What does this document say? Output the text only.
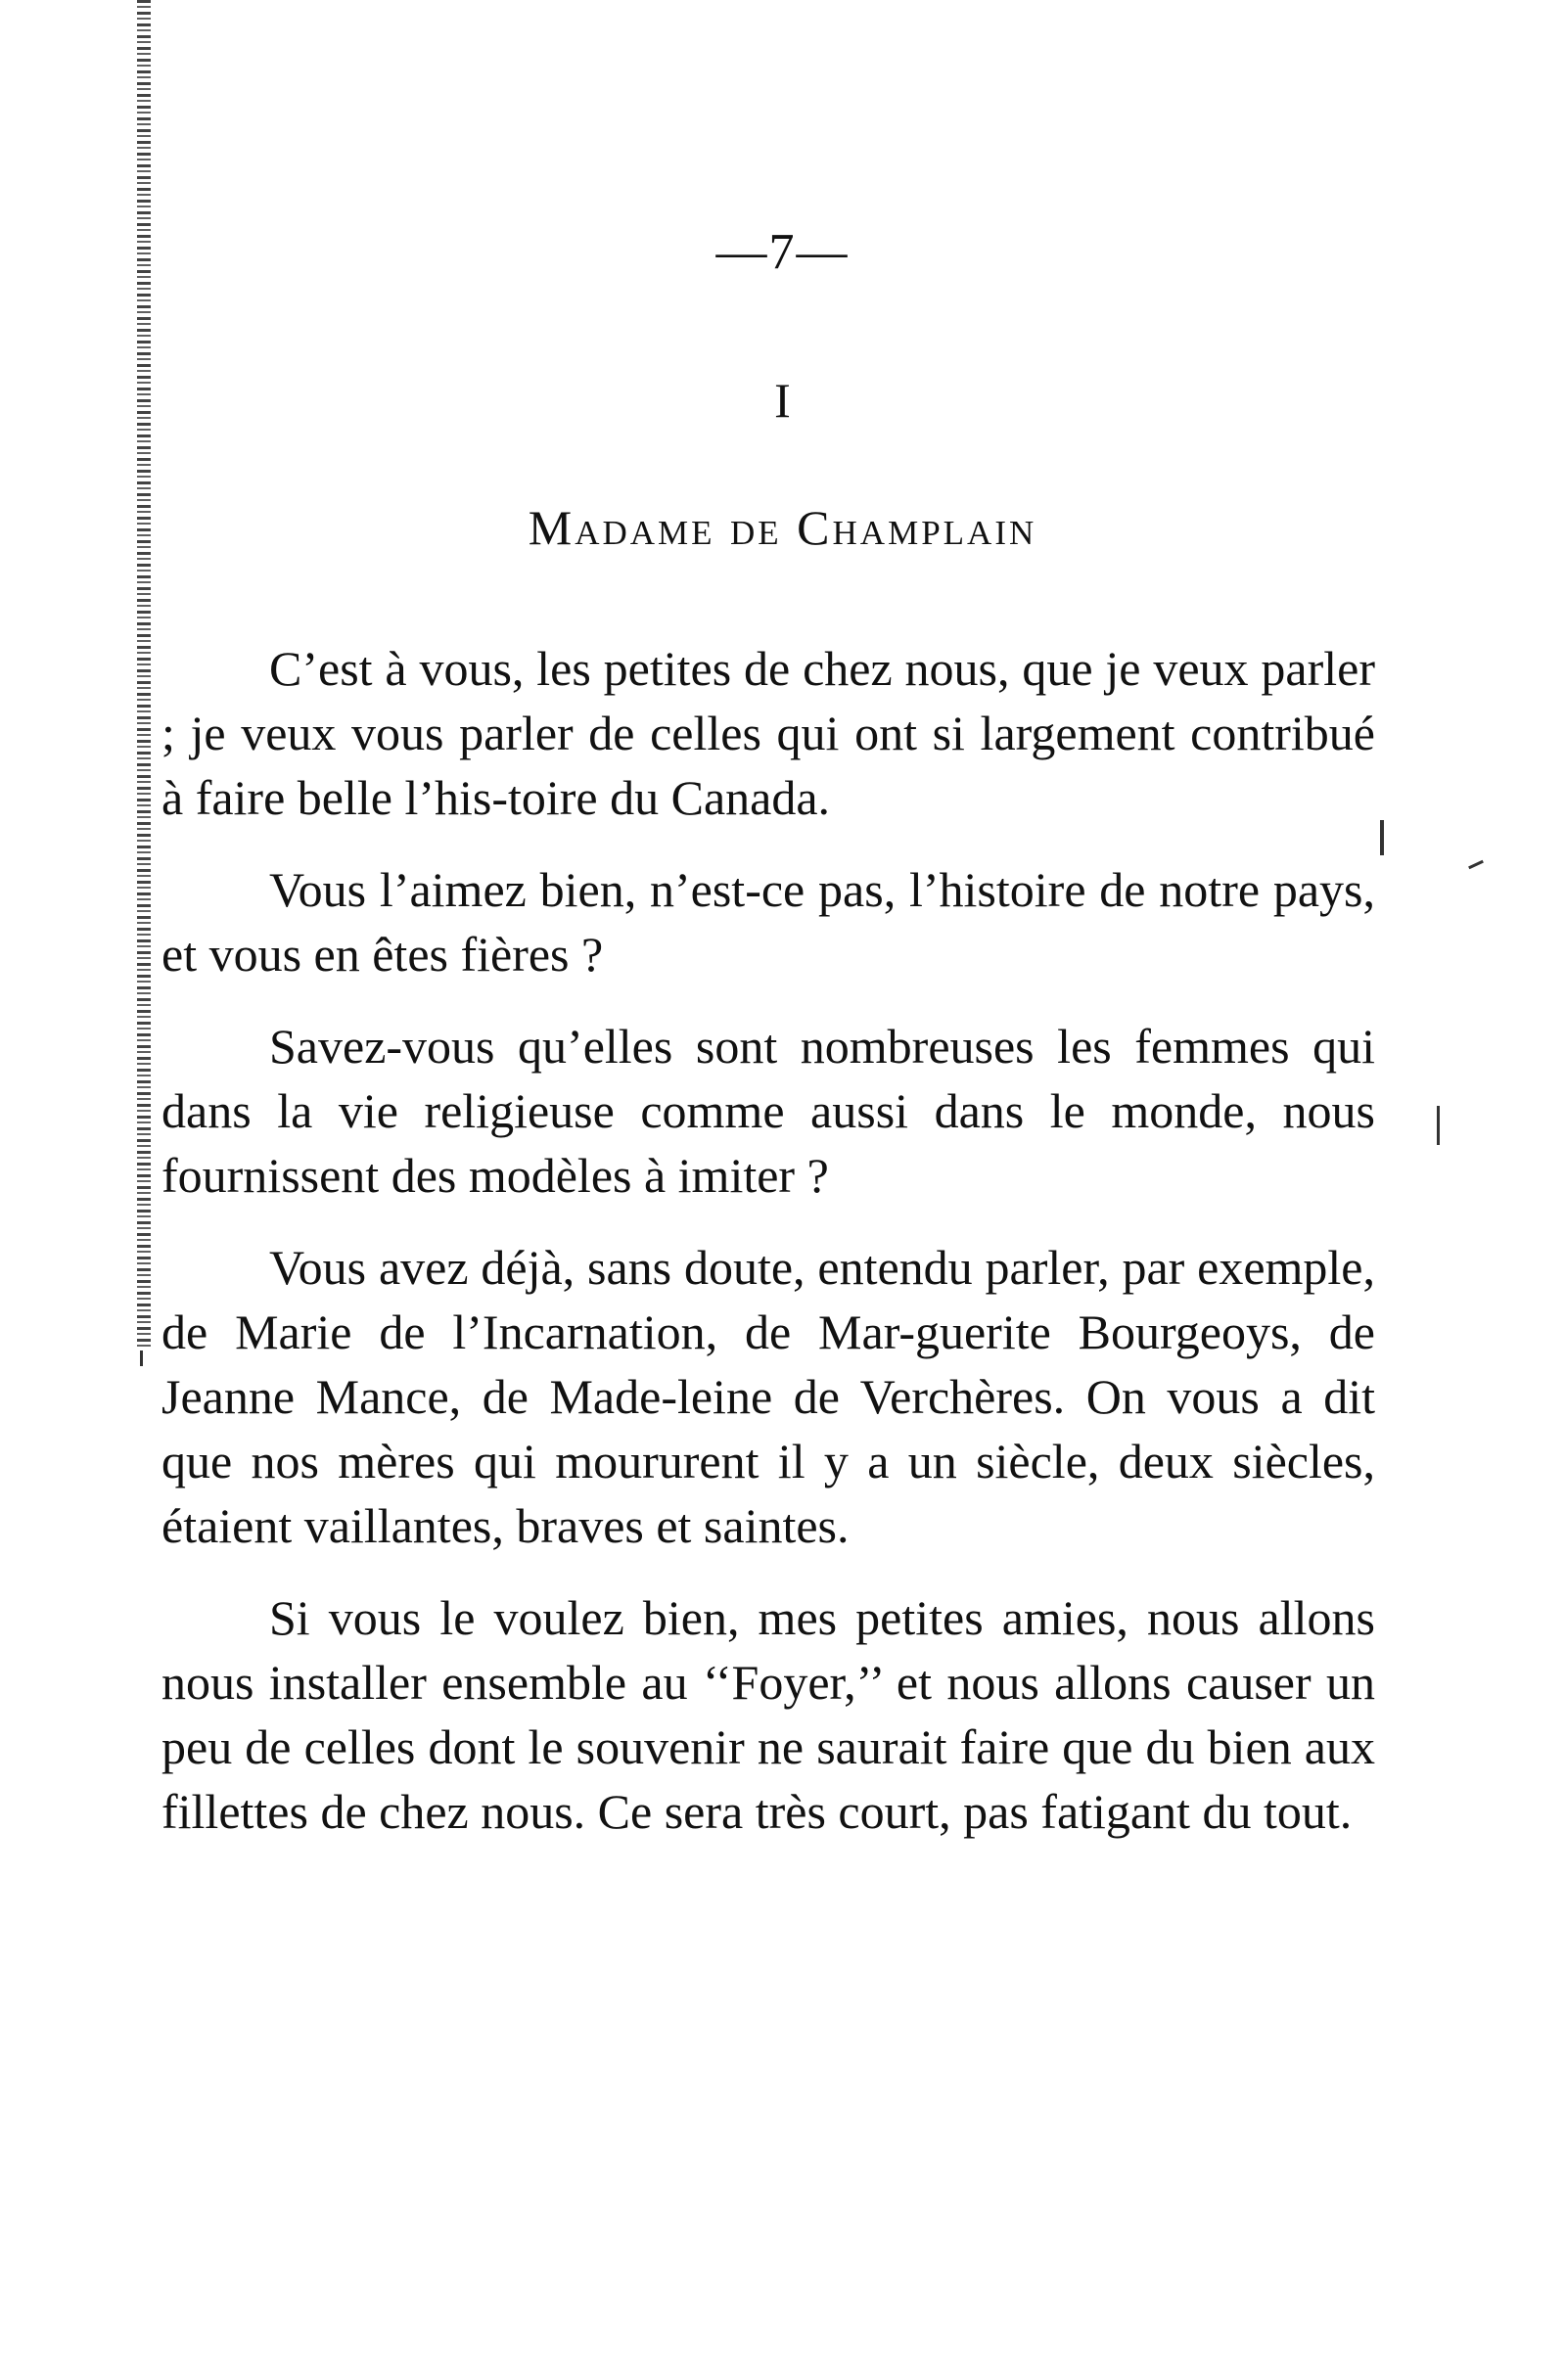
—7—
I
Madame de Champlain

C’est à vous, les petites de chez nous, que je veux parler ; je veux vous parler de celles qui ont si largement contribué à faire belle l’his-toire du Canada.

Vous l’aimez bien, n’est-ce pas, l’histoire de notre pays, et vous en êtes fières ?

Savez-vous qu’elles sont nombreuses les femmes qui dans la vie religieuse comme aussi dans le monde, nous fournissent des modèles à imiter ?

Vous avez déjà, sans doute, entendu parler, par exemple, de Marie de l’Incarnation, de Mar-guerite Bourgeoys, de Jeanne Mance, de Made-leine de Verchères. On vous a dit que nos mères qui moururent il y a un siècle, deux siècles, étaient vaillantes, braves et saintes.

Si vous le voulez bien, mes petites amies, nous allons nous installer ensemble au ‘‘Foyer,’’ et nous allons causer un peu de celles dont le souvenir ne saurait faire que du bien aux fillettes de chez nous. Ce sera très court, pas fatigant du tout.
